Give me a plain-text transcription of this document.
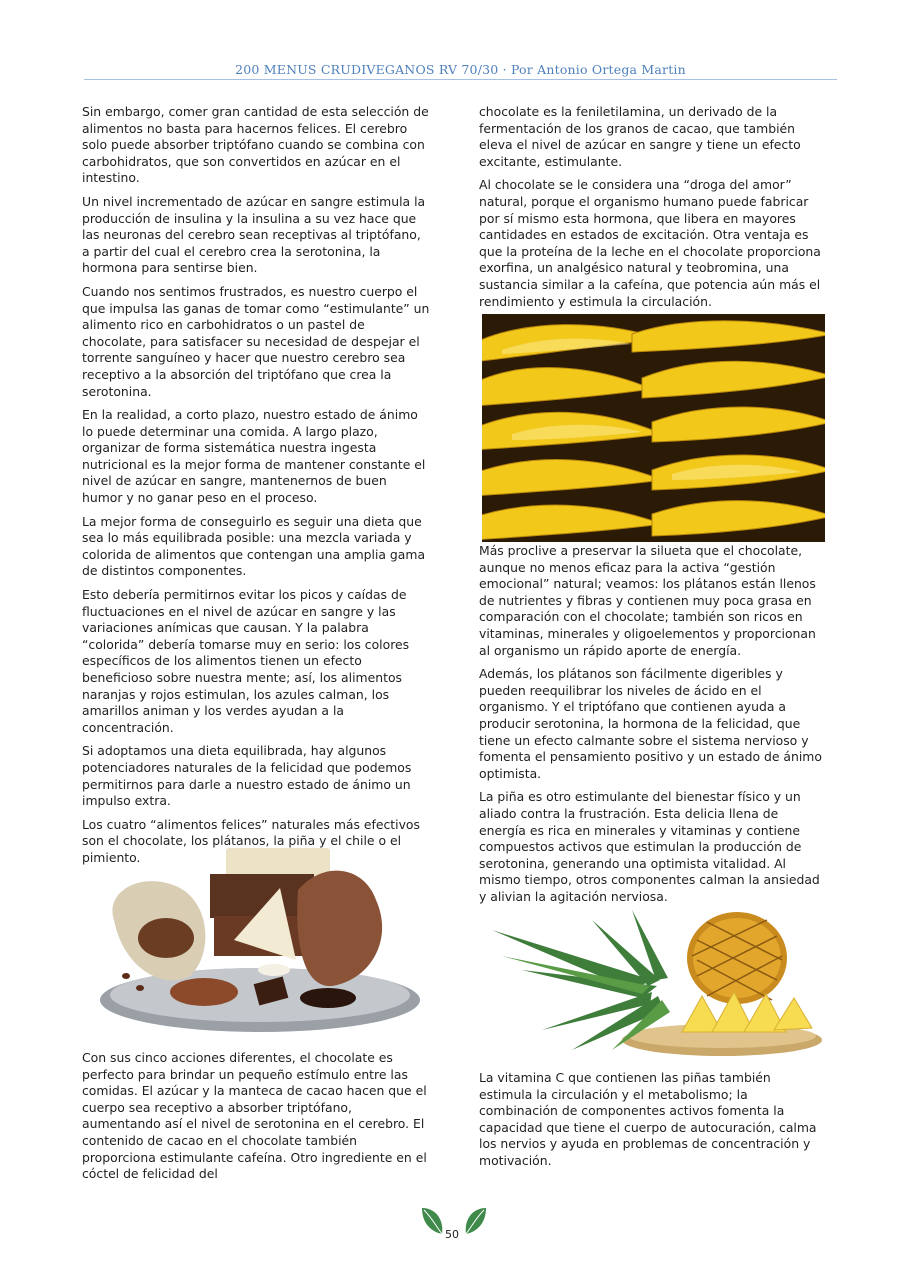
200 MENUS CRUDIVEGANOS RV 70/30 · Por Antonio Ortega Martin

Sin embargo, comer gran cantidad de esta selección de alimentos no basta para hacernos felices. El cerebro solo puede absorber triptófano cuando se combina con carbohidratos, que son convertidos en azúcar en el intestino.

Un nivel incrementado de azúcar en sangre estimula la producción de insulina y la insulina a su vez hace que las neuronas del cerebro sean receptivas al triptófano, a partir del cual el cerebro crea la serotonina, la hormona para sentirse bien.

Cuando nos sentimos frustrados, es nuestro cuerpo el que impulsa las ganas de tomar como “estimulante” un alimento rico en carbohidratos o un pastel de chocolate, para satisfacer su necesidad de despejar el torrente sanguíneo y hacer que nuestro cerebro sea receptivo a la absorción del triptófano que crea la serotonina.

En la realidad, a corto plazo, nuestro estado de ánimo lo puede determinar una comida. A largo plazo, organizar de forma sistemática nuestra ingesta nutricional es la mejor forma de mantener constante el nivel de azúcar en sangre, mantenernos de buen humor y no ganar peso en el proceso.

La mejor forma de conseguirlo es seguir una dieta que sea lo más equilibrada posible: una mezcla variada y colorida de alimentos que contengan una amplia gama de distintos componentes.

Esto debería permitirnos evitar los picos y caídas de fluctuaciones en el nivel de azúcar en sangre y las variaciones anímicas que causan. Y la palabra “colorida” debería tomarse muy en serio: los colores específicos de los alimentos tienen un efecto beneficioso sobre nuestra mente; así, los alimentos naranjas y rojos estimulan, los azules calman, los amarillos animan y los verdes ayudan a la concentración.

Si adoptamos una dieta equilibrada, hay algunos potenciadores naturales de la felicidad que podemos permitirnos para darle a nuestro estado de ánimo un impulso extra.

Los cuatro “alimentos felices” naturales más efectivos son el chocolate, los plátanos, la piña y el chile o el pimiento.

Con sus cinco acciones diferentes, el chocolate es perfecto para brindar un pequeño estímulo entre las comidas. El azúcar y la manteca de cacao hacen que el cuerpo sea receptivo a absorber triptófano, aumentando así el nivel de serotonina en el cerebro. El contenido de cacao en el chocolate también proporciona estimulante cafeína. Otro ingrediente en el cóctel de felicidad del

chocolate es la feniletilamina, un derivado de la fermentación de los granos de cacao, que también eleva el nivel de azúcar en sangre y tiene un efecto excitante, estimulante.

Al chocolate se le considera una “droga del amor” natural, porque el organismo humano puede fabricar por sí mismo esta hormona, que libera en mayores cantidades en estados de excitación. Otra ventaja es que la proteína de la leche en el chocolate proporciona exorfina, un analgésico natural y teobromina, una sustancia similar a la cafeína, que potencia aún más el rendimiento y estimula la circulación.

Más proclive a preservar la silueta que el chocolate, aunque no menos eficaz para la activa “gestión emocional” natural; veamos: los plátanos están llenos de nutrientes y fibras y contienen muy poca grasa en comparación con el chocolate; también son ricos en vitaminas, minerales y oligoelementos y proporcionan al organismo un rápido aporte de energía.

Además, los plátanos son fácilmente digeribles y pueden reequilibrar los niveles de ácido en el organismo. Y el triptófano que contienen ayuda a producir serotonina, la hormona de la felicidad, que tiene un efecto calmante sobre el sistema nervioso y fomenta el pensamiento positivo y un estado de ánimo optimista.

La piña es otro estimulante del bienestar físico y un aliado contra la frustración. Esta delicia llena de energía es rica en minerales y vitaminas y contiene compuestos activos que estimulan la producción de serotonina, generando una optimista vitalidad. Al mismo tiempo, otros componentes calman la ansiedad y alivian la agitación nerviosa.

La vitamina C que contienen las piñas también estimula la circulación y el metabolismo; la combinación de componentes activos fomenta la capacidad que tiene el cuerpo de autocuración, calma los nervios y ayuda en problemas de concentración y motivación.

50
